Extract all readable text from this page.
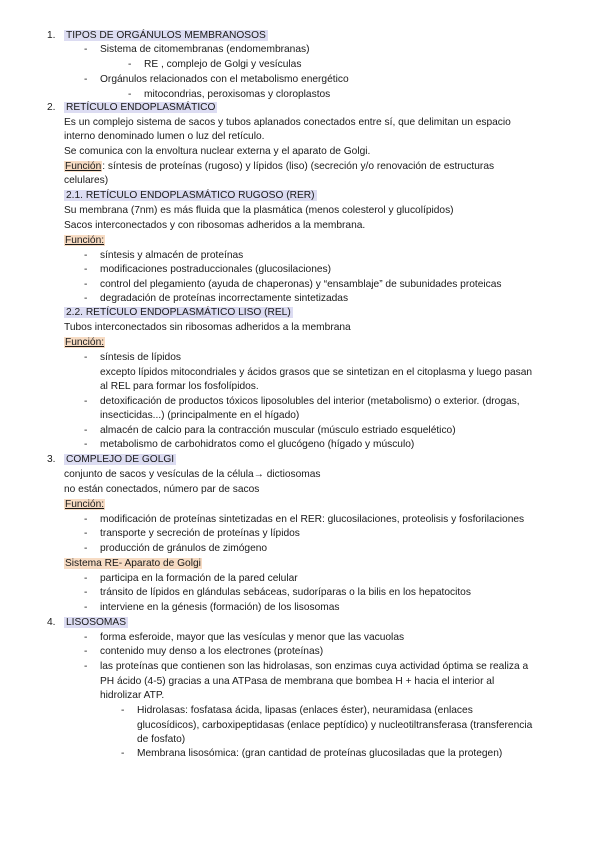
1. TIPOS DE ORGÁNULOS MEMBRANOSOS
- Sistema de citomembranas (endomembranas)
- RE , complejo de Golgi y vesículas
- Orgánulos relacionados con el metabolismo energético
- mitocondrias, peroxisomas y cloroplastos
2. RETÍCULO ENDOPLASMÁTICO
Es un complejo sistema de sacos y tubos aplanados conectados entre sí, que delimitan un espacio
interno denominado lumen o luz del retículo.
Se comunica con la envoltura nuclear externa y el aparato de Golgi.
Función: síntesis de proteínas (rugoso) y lípidos (liso) (secreción y/o renovación de estructuras
celulares)
2.1. RETÍCULO ENDOPLASMÁTICO RUGOSO (RER)
Su membrana (7nm) es más fluida que la plasmática (menos colesterol y glucolípidos)
Sacos interconectados y con ribosomas adheridos a la membrana.
Función:
- síntesis y almacén de proteínas
- modificaciones postraduccionales (glucosilaciones)
- control del plegamiento (ayuda de chaperonas) y “ensamblaje” de subunidades proteicas
- degradación de proteínas incorrectamente sintetizadas
2.2. RETÍCULO ENDOPLASMÁTICO LISO (REL)
Tubos interconectados sin ribosomas adheridos a la membrana
Función:
- síntesis de lípidos
excepto lípidos mitocondriales y ácidos grasos que se sintetizan en el citoplasma y luego pasan
al REL para formar los fosfolípidos.
- detoxificación de productos tóxicos liposolubles del interior (metabolismo) o exterior. (drogas,
insecticidas...) (principalmente en el hígado)
- almacén de calcio para la contracción muscular (músculo estriado esquelético)
- metabolismo de carbohidratos como el glucógeno (hígado y músculo)
3. COMPLEJO DE GOLGI
conjunto de sacos y vesículas de la célula→ dictiosomas
no están conectados, número par de sacos
Función:
- modificación de proteínas sintetizadas en el RER: glucosilaciones, proteolisis y fosforilaciones
- transporte y secreción de proteínas y lípidos
- producción de gránulos de zimógeno
Sistema RE- Aparato de Golgi
- participa en la formación de la pared celular
- tránsito de lípidos en glándulas sebáceas, sudoríparas o la bilis en los hepatocitos
- interviene en la génesis (formación) de los lisosomas
4. LISOSOMAS
- forma esferoide, mayor que las vesículas y menor que las vacuolas
- contenido muy denso a los electrones (proteínas)
- las proteínas que contienen son las hidrolasas, son enzimas cuya actividad óptima se realiza a
PH ácido (4-5) gracias a una ATPasa de membrana que bombea H + hacia el interior al
hidrolizar ATP.
- Hidrolasas: fosfatasa ácida, lipasas (enlaces éster), neuramidasa (enlaces
glucosídicos), carboxipeptidasas (enlace peptídico) y nucleotiltransferasa (transferencia
de fosfato)
- Membrana lisosómica: (gran cantidad de proteínas glucosiladas que la protegen)
